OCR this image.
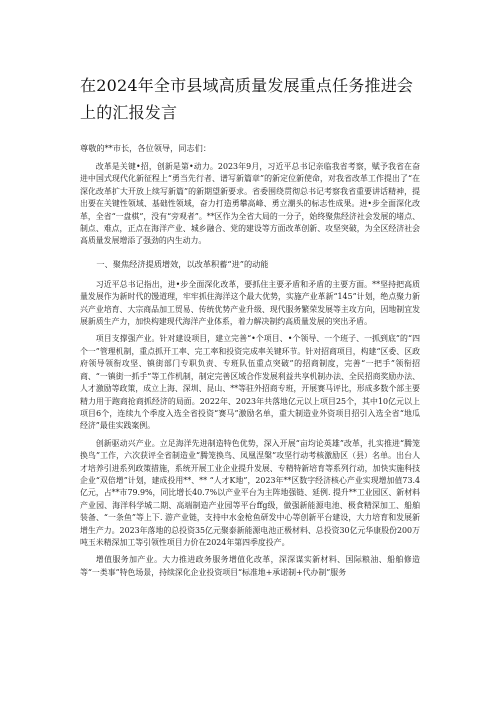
在2024年全市县域高质量发展重点任务推进会上的汇报发言

尊敬的**市长，各位领导，同志们：

改革是关键•招，创新是第•动力。2023年9月，习近平总书记亲临我省考察，赋予我省在奋进中国式现代化新征程上“勇当先行者、谱写新篇章”的新定位新使命，对我省改革工作提出了“在深化改革扩大开放上续写新篇”的新期望新要求。省委围绕贯彻总书记考察我省重要讲话精神，提出要在关键性领域、基础性领域，奋力打造勇攀高峰、勇立潮头的标志性成果。进•步全面深化改革，全省“一盘棋”，没有“旁观者”。**区作为全省大局的一分子，始终聚焦经济社会发展的堵点、制点、难点，正点在海洋产业、城乡融合、党的建设等方面改革创新、攻坚突破，为全区经济社会高质量发展增添了强劲的内生动力。

一、聚焦经济提质增效，以改革积蓄“进”的动能

习近平总书记指出，进•步全面深化改革，要抓住主要矛盾和矛盾的主要方面。**坚持把高质量发展作为新时代的馒道理，牢牢抓住海洋这个最大优势，实施产业革新“145”计划，绝点聚力新兴产业培育、大宗商品加工贸易、传统优势产业升级、现代服务繁荣发展等主攻方向，因地制宜发展新质生产力，加快构建现代海洋产业体系，着力解决制约高质量发展的突出矛盾。

项目支撑强产业。针对建设项目，建立完善“•个项目、•个领导、一个班子、一抓到底”的“四个一”管理机制，重点抓开工率、完工率和投资完成率关键环节。针对招商项目，构建“区委、区政府领导领衔攻坚、镇街部门专职负责、专班队伍重点突破”的招商制度，完善“一把手”领衔招商、“一镇街一抓手”等工作机制，制定完善区域合作发展利益共享机制办法、全民招商奖励办法、人才激励等政策，成立上海、深圳、昆山、**等驻外招商专班，开展赛马评比，形成多数个部主要精力用于跑商抢商抓经济的局面。2022年、2023年共落地亿元以上项目25个，其中10亿元以上项目6个，连续九个季度入选全省投资“赛马”激励名单，重大制造业外资项目招引入选全省“地瓜经济”最佳实践案例。

创新驱动兴产业。立足海洋先进制造特色优势，深入开展“亩均论英雄”改革，扎实推进“腾笼换鸟”工作，六次获评全省制造业“腾笼换鸟、凤凰涅槃”攻坚行动考核激励区（县）名单。出台人才培养引进系列政策措施，系统开展工业企业提升发展、专精特新培育等系列行动，加快实施科技企业“双倍增”计划，建成投用**、** “人才K地”，2023年**区数字经济核心产业实现增加值73.4亿元，占**市79.9%，同比增长40.7%以产业平台为主阵地强链、延例. 提升**工业园区、新材料产业园、海洋科学城二期、高端制造产业园等平台ffg级，做强新能源电池、极食精深加工、船舶装备、“一条鱼”等上下. 游产业链，支持中水金枪鱼研发中心等创新平台建设，大力培育和发展新增生产力。2023年落地的总投资35亿元聚泰新能源电池正极材料、总投资30亿元华康股份200万吨玉米精深加工等引领性项目力价在2024年第四季度投产。

增值服务加产业。大力推进政务服务增值化改革，深深谋实新材料、国际粮油、船舶修造等“一类事”特色场景，持续深化企业投资项目“标准地+承诺制+代办制”服务
